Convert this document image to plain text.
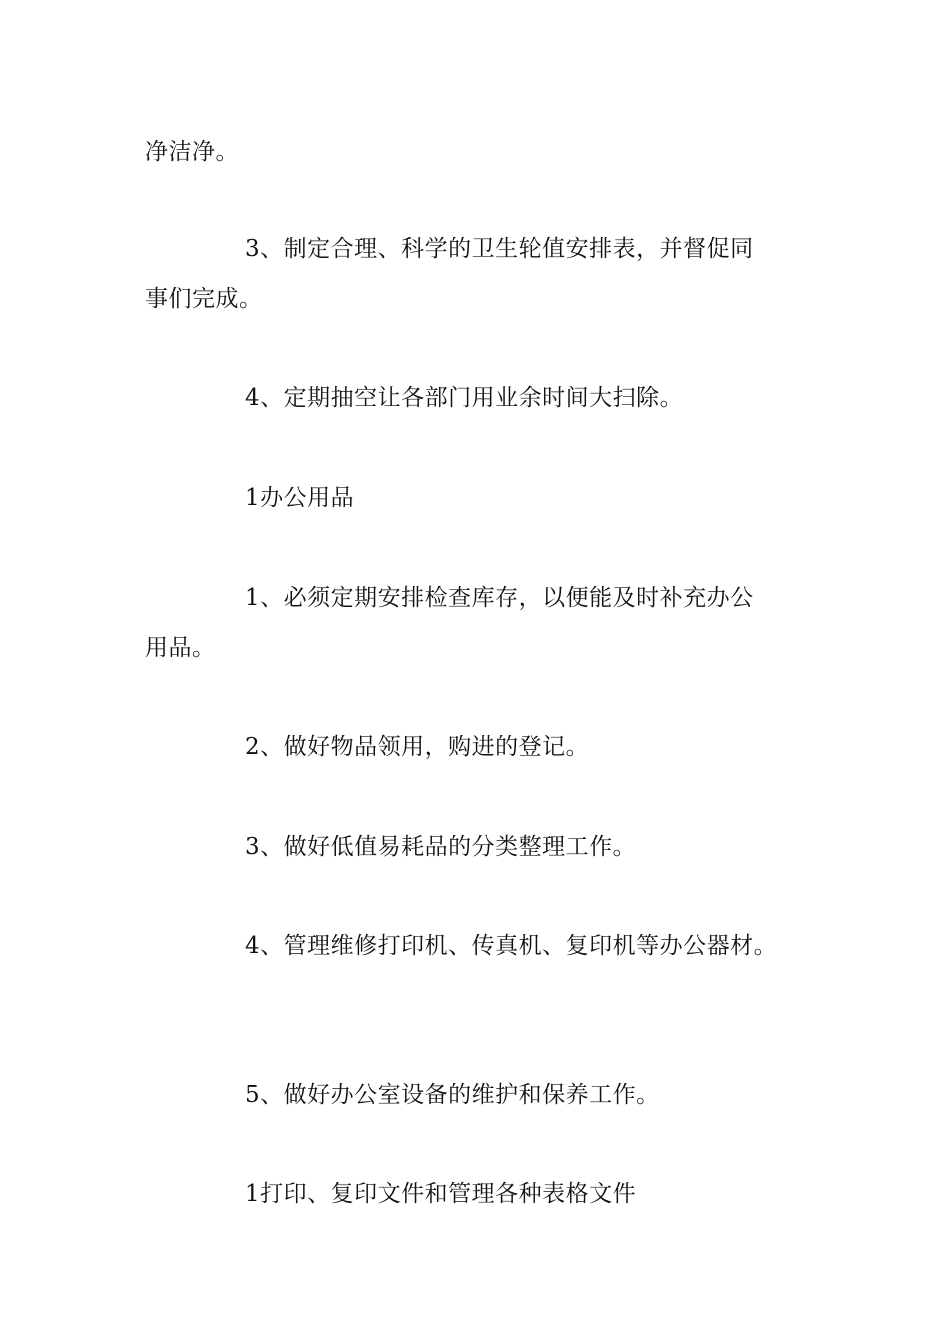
净洁净。
3、制定合理、科学的卫生轮值安排表，并督促同
事们完成。
4、定期抽空让各部门用业余时间大扫除。
1办公用品
1、必须定期安排检查库存，以便能及时补充办公
用品。
2、做好物品领用，购进的登记。
3、做好低值易耗品的分类整理工作。
4、管理维修打印机、传真机、复印机等办公器材。
5、做好办公室设备的维护和保养工作。
1打印、复印文件和管理各种表格文件
